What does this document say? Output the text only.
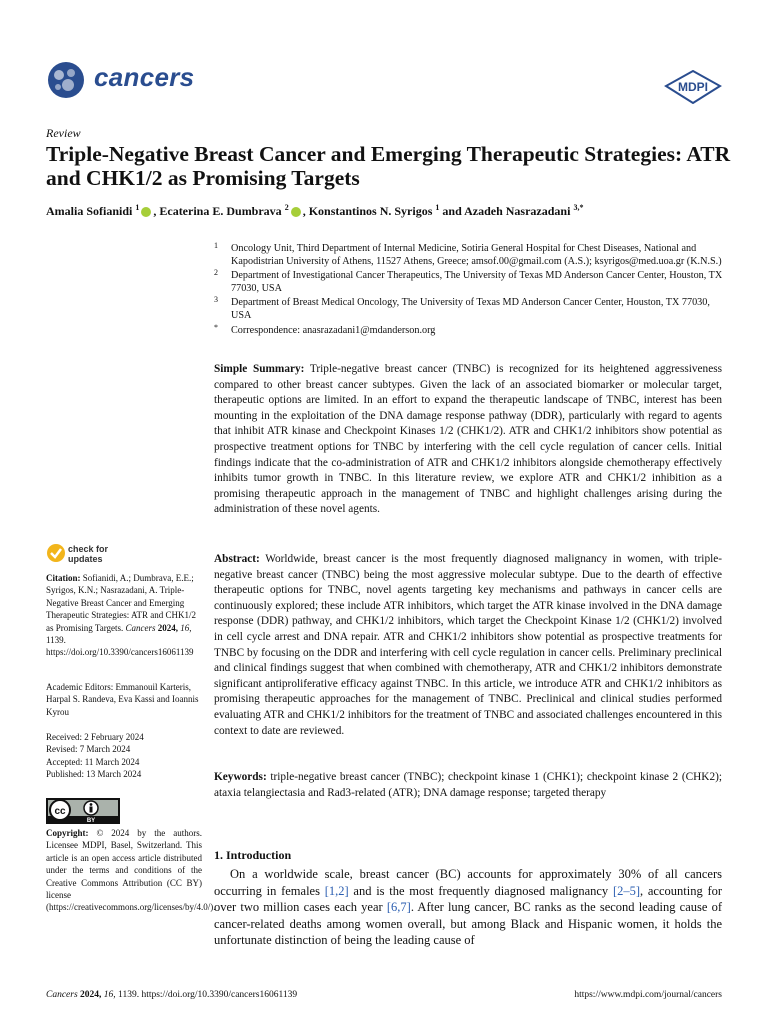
cancers	MDPI
Review
Triple-Negative Breast Cancer and Emerging Therapeutic Strategies: ATR and CHK1/2 as Promising Targets
Amalia Sofianidi $^1$ , Ecaterina E. Dumbrava $^2$ , Konstantinos N. Syrigos $^1$ and Azadeh Nasrazadani $^{3,*}$
1 Oncology Unit, Third Department of Internal Medicine, Sotiria General Hospital for Chest Diseases, National and Kapodistrian University of Athens, 11527 Athens, Greece; amsof.00@gmail.com (A.S.); ksyrigos@med.uoa.gr (K.N.S.)
2 Department of Investigational Cancer Therapeutics, The University of Texas MD Anderson Cancer Center, Houston, TX 77030, USA
3 Department of Breast Medical Oncology, The University of Texas MD Anderson Cancer Center, Houston, TX 77030, USA
* Correspondence: anasrazadani1@mdanderson.org
Simple Summary: Triple-negative breast cancer (TNBC) is recognized for its heightened aggressiveness compared to other breast cancer subtypes. Given the lack of an associated biomarker or molecular target, therapeutic options are limited. In an effort to expand the therapeutic landscape of TNBC, interest has been mounting in the exploitation of the DNA damage response pathway (DDR), particularly with regard to agents that inhibit ATR kinase and Checkpoint Kinases 1/2 (CHK1/2). ATR and CHK1/2 inhibitors show potential as prospective treatment options for TNBC by interfering with the cell cycle regulation of cancer cells. Initial findings indicate that the co-administration of ATR and CHK1/2 inhibitors alongside chemotherapy effectively inhibits tumor growth in TNBC. In this literature review, we explore ATR and CHK1/2 inhibition as a promising therapeutic approach in the management of TNBC and highlight challenges arising during the administration of these novel agents.
Abstract: Worldwide, breast cancer is the most frequently diagnosed malignancy in women, with triple-negative breast cancer (TNBC) being the most aggressive molecular subtype. Due to the dearth of effective therapeutic options for TNBC, novel agents targeting key mechanisms and pathways in cancer cells are continuously explored; these include ATR inhibitors, which target the ATR kinase involved in the DNA damage response (DDR) pathway, and CHK1/2 inhibitors, which target the Checkpoint Kinase 1/2 (CHK1/2) involved in cell cycle arrest and DNA repair. ATR and CHK1/2 inhibitors show potential as prospective treatments for TNBC by focusing on the DDR and interfering with cell cycle regulation in cancer cells. Preliminary preclinical and clinical findings suggest that when combined with chemotherapy, ATR and CHK1/2 inhibitors demonstrate significant antiproliferative efficacy against TNBC. In this article, we introduce ATR and CHK1/2 inhibitors as promising therapeutic approaches for the management of TNBC. Preclinical and clinical studies performed evaluating ATR and CHK1/2 inhibitors for the treatment of TNBC and associated challenges encountered in this context to date are reviewed.
Keywords: triple-negative breast cancer (TNBC); checkpoint kinase 1 (CHK1); checkpoint kinase 2 (CHK2); ataxia telangiectasia and Rad3-related (ATR); DNA damage response; targeted therapy
check for
updates
Citation: Sofianidi, A.; Dumbrava, E.E.; Syrigos, K.N.; Nasrazadani, A. Triple-Negative Breast Cancer and Emerging Therapeutic Strategies: ATR and CHK1/2 as Promising Targets. Cancers 2024, 16, 1139. https://doi.org/10.3390/cancers16061139
Academic Editors: Emmanouil Karteris, Harpal S. Randeva, Eva Kassi and Ioannis Kyrou
Received: 2 February 2024
Revised: 7 March 2024
Accepted: 11 March 2024
Published: 13 March 2024
cc
BY
Copyright: © 2024 by the authors. Licensee MDPI, Basel, Switzerland. This article is an open access article distributed under the terms and conditions of the Creative Commons Attribution (CC BY) license (https://creativecommons.org/licenses/by/4.0/).
1. Introduction
On a worldwide scale, breast cancer (BC) accounts for approximately 30% of all cancers occurring in females [1,2] and is the most frequently diagnosed malignancy [2–5], accounting for over two million cases each year [6,7]. After lung cancer, BC ranks as the second leading cause of cancer-related deaths among women overall, but among Black and Hispanic women, it holds the unfortunate distinction of being the leading cause of
Cancers 2024, 16, 1139. https://doi.org/10.3390/cancers16061139	https://www.mdpi.com/journal/cancers
